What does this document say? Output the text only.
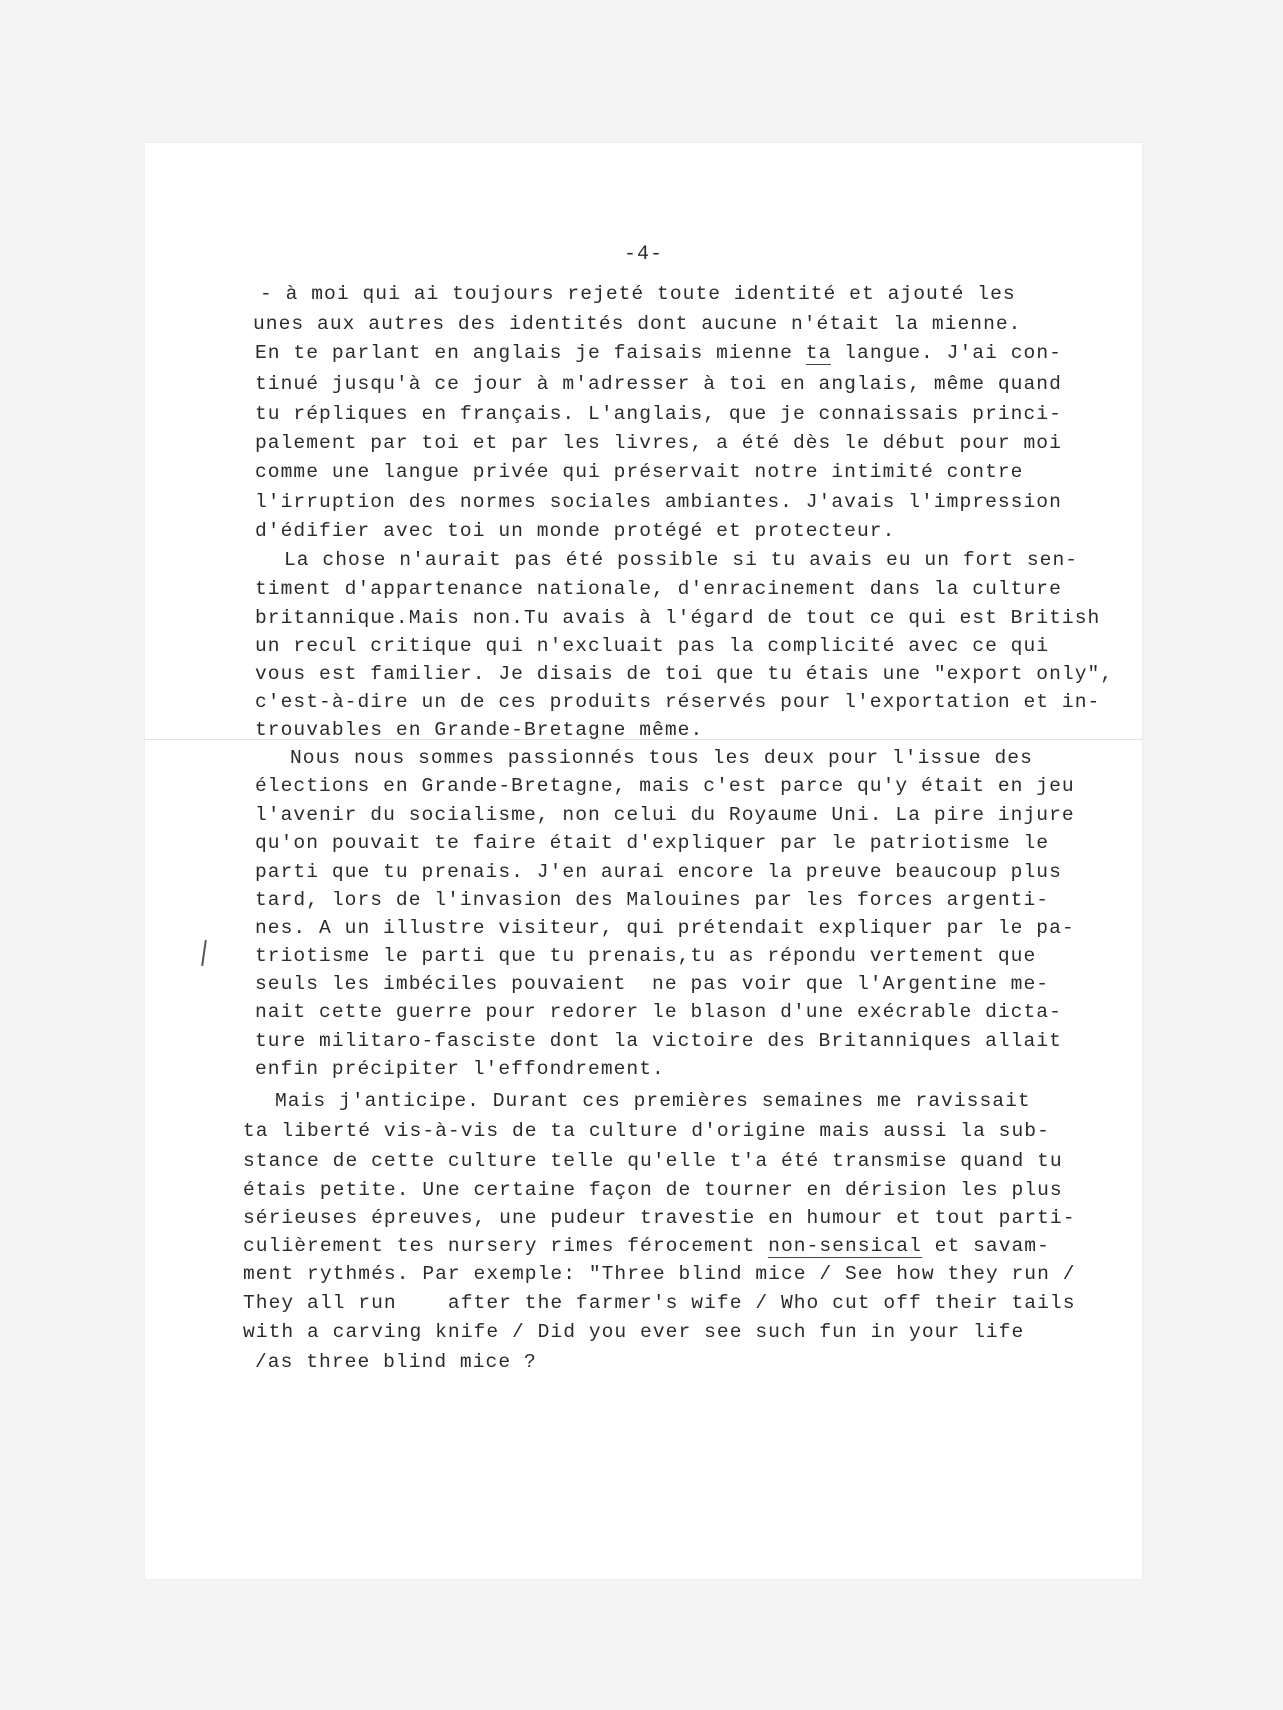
-4-
- à moi qui ai toujours rejeté toute identité et ajouté les
unes aux autres des identités dont aucune n'était la mienne.
En te parlant en anglais je faisais mienne ta langue. J'ai con-
tinué jusqu'à ce jour à m'adresser à toi en anglais, même quand
tu répliques en français. L'anglais, que je connaissais princi-
palement par toi et par les livres, a été dès le début pour moi
comme une langue privée qui préservait notre intimité contre
l'irruption des normes sociales ambiantes. J'avais l'impression
d'édifier avec toi un monde protégé et protecteur.
La chose n'aurait pas été possible si tu avais eu un fort sen-
timent d'appartenance nationale, d'enracinement dans la culture
britannique.Mais non.Tu avais à l'égard de tout ce qui est British
un recul critique qui n'excluait pas la complicité avec ce qui
vous est familier. Je disais de toi que tu étais une "export only",
c'est-à-dire un de ces produits réservés pour l'exportation et in-
trouvables en Grande-Bretagne même.
Nous nous sommes passionnés tous les deux pour l'issue des
élections en Grande-Bretagne, mais c'est parce qu'y était en jeu
l'avenir du socialisme, non celui du Royaume Uni. La pire injure
qu'on pouvait te faire était d'expliquer par le patriotisme le
parti que tu prenais. J'en aurai encore la preuve beaucoup plus
tard, lors de l'invasion des Malouines par les forces argenti-
nes. A un illustre visiteur, qui prétendait expliquer par le pa-
triotisme le parti que tu prenais,tu as répondu vertement que
seuls les imbéciles pouvaient  ne pas voir que l'Argentine me-
nait cette guerre pour redorer le blason d'une exécrable dicta-
ture militaro-fasciste dont la victoire des Britanniques allait
enfin précipiter l'effondrement.
Mais j'anticipe. Durant ces premières semaines me ravissait
ta liberté vis-à-vis de ta culture d'origine mais aussi la sub-
stance de cette culture telle qu'elle t'a été transmise quand tu
étais petite. Une certaine façon de tourner en dérision les plus
sérieuses épreuves, une pudeur travestie en humour et tout parti-
culièrement tes nursery rimes férocement non-sensical et savam-
ment rythmés. Par exemple: "Three blind mice / See how they run /
They all run    after the farmer's wife / Who cut off their tails
with a carving knife / Did you ever see such fun in your life
/as three blind mice ?
